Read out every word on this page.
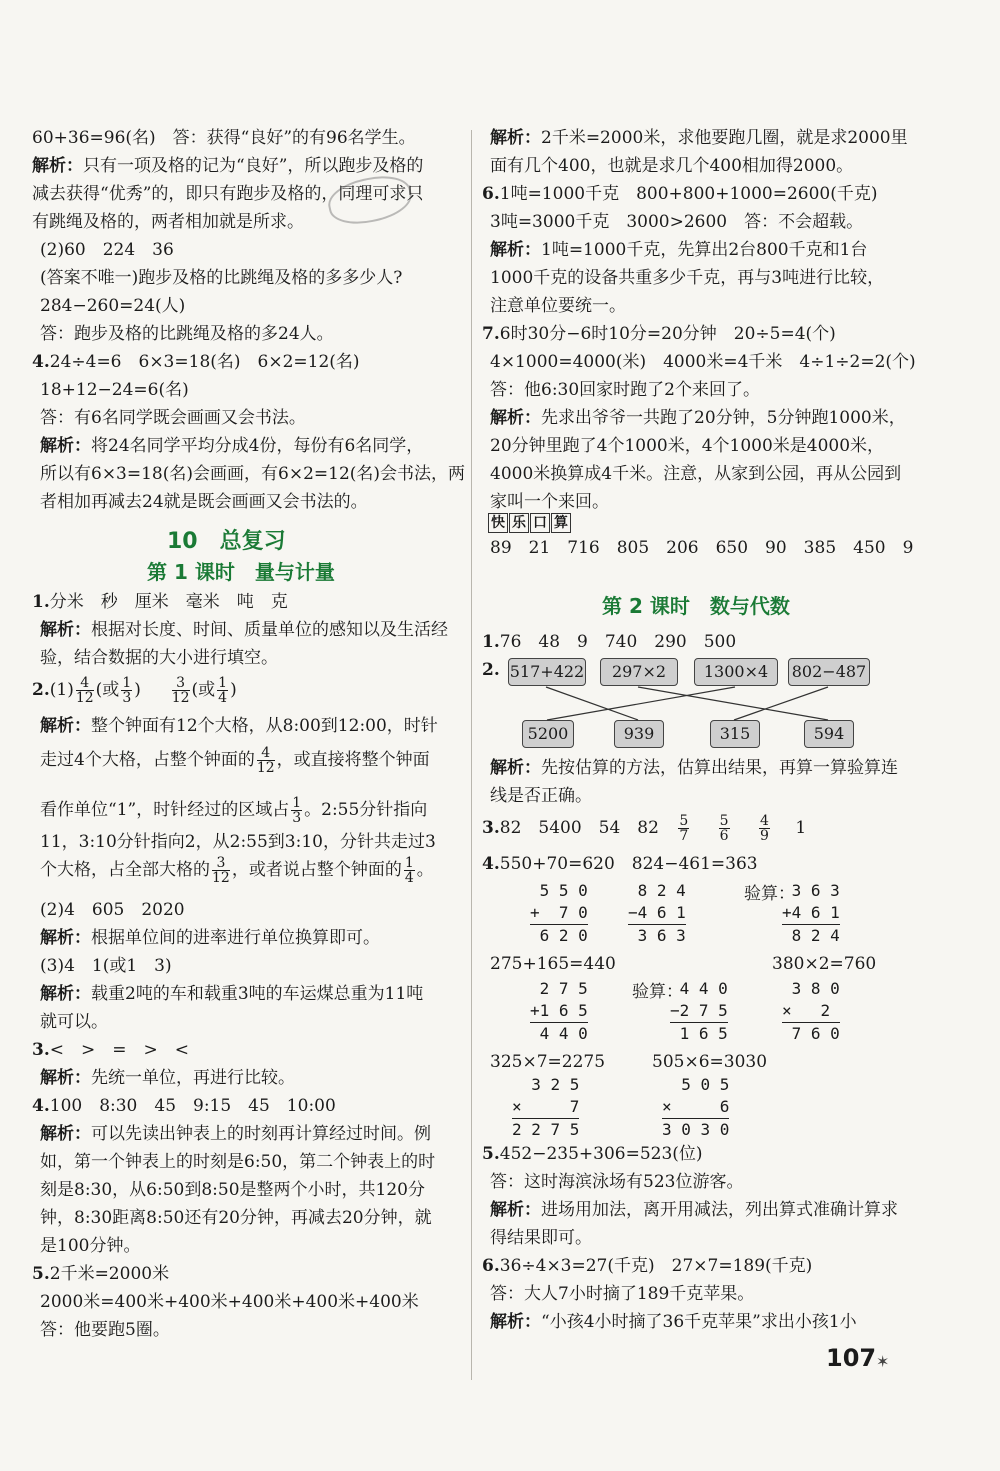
60+36=96(名)　答：获得“良好”的有96名学生。
解析：只有一项及格的记为“良好”，所以跑步及格的
减去获得“优秀”的，即只有跑步及格的，同理可求只
有跳绳及格的，两者相加就是所求。
(2)60　224　36
(答案不唯一)跑步及格的比跳绳及格的多多少人?
284−260=24(人)
答：跑步及格的比跳绳及格的多24人。
4.24÷4=6　6×3=18(名)　6×2=12(名)
18+12−24=6(名)
答：有6名同学既会画画又会书法。
解析：将24名同学平均分成4份，每份有6名同学，
所以有6×3=18(名)会画画，有6×2=12(名)会书法，两
者相加再减去24就是既会画画又会书法的。
10　总复习
第 1 课时　量与计量
1.分米　秒　厘米　毫米　吨　克
解析：根据对长度、时间、质量单位的感知以及生活经
验，结合数据的大小进行填空。
$2.(1) \frac{4}{12}$ (或 $\frac{1}{3}$ ) $\frac{3}{12}$ (或 $\frac{1}{4}$ )
解析：整个钟面有12个大格，从8:00到12:00，时针
走过4个大格，占整个钟面的 $\frac{4}{12}$ ，或直接将整个钟面
看作单位“1”，时针经过的区域占 $\frac{1}{3}$ 。2:55分针指向
11，3:10分针指向2，从2:55到3:10，分针共走过3
个大格，占全部大格的 $\frac{3}{12}$ ，或者说占整个钟面的 $\frac{1}{4}$ 。
(2)4　605　2020
解析：根据单位间的进率进行单位换算即可。
(3)4　1(或1　3)
解析：载重2吨的车和载重3吨的车运煤总重为11吨
就可以。
3.<　>　=　>　<
解析：先统一单位，再进行比较。
4.100　8:30　45　9:15　45　10:00
解析：可以先读出钟表上的时刻再计算经过时间。例
如，第一个钟表上的时刻是6:50，第二个钟表上的时
刻是8:30，从6:50到8:50是整两个小时，共120分
钟，8:30距离8:50还有20分钟，再减去20分钟，就
是100分钟。
5.2千米=2000米
2000米=400米+400米+400米+400米+400米
答：他要跑5圈。
解析：2千米=2000米，求他要跑几圈，就是求2000里
面有几个400，也就是求几个400相加得2000。
6.1吨=1000千克　800+800+1000=2600(千克)
3吨=3000千克　3000>2600　答：不会超载。
解析：1吨=1000千克，先算出2台800千克和1台
1000千克的设备共重多少千克，再与3吨进行比较，
注意单位要统一。
7.6时30分−6时10分=20分钟　20÷5=4(个)
4×1000=4000(米)　4000米=4千米　4÷1÷2=2(个)
答：他6:30回家时跑了2个来回了。
解析：先求出爷爷一共跑了20分钟，5分钟跑1000米，
20分钟里跑了4个1000米，4个1000米是4000米，
4000米换算成4千米。注意，从家到公园，再从公园到
家叫一个来回。
快 乐 口 算
89　21　716　805　206　650　90　385　450　9
第 2 课时　数与代数
1.76　48　9　740　290　500
2. 517+422	297×2	1300×4	802−487
5200	939	315	594
解析：先按估算的方法，估算出结果，再算一算验算连
线是否正确。
3.82　5400　54　$82 \frac{5}{7}$
$\frac{5}{6}$
$\frac{4}{9} 1$
4.550+70=620　824−461=363
5 5 0
+  7 0
6 2 0
8 2 4
−4 6 1
3 6 3
验算：
3 6 3
+4 6 1
8 2 4
275+165=440	380×2=760
2 7 5
+1 6 5
4 4 0
验算：
4 4 0
−2 7 5
1 6 5
3 8 0
×   2
7 6 0
325×7=2275	505×6=3030
3 2 5
×     7
2 2 7 5
5 0 5
×     6
3 0 3 0
5.452−235+306=523(位)
答：这时海滨泳场有523位游客。
解析：进场用加法，离开用减法，列出算式准确计算求
得结果即可。
6.36÷4×3=27(千克)　27×7=189(千克)
答：大人7小时摘了189千克苹果。
解析：“小孩4小时摘了36千克苹果”求出小孩1小
107 ✶
